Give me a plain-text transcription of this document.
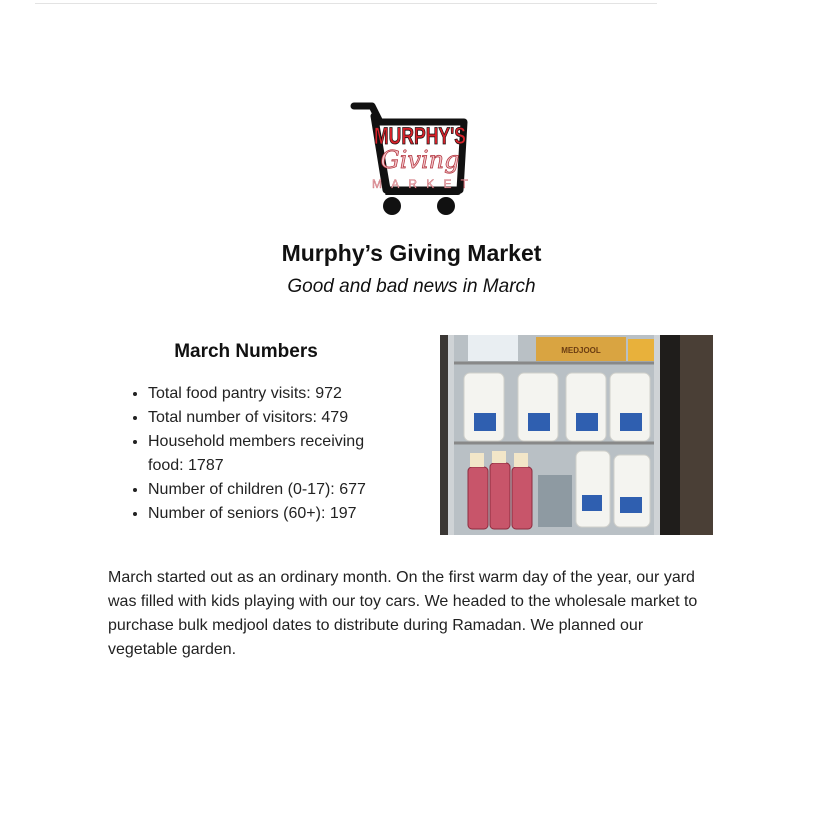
MURPHY'S
Giving
MARKET
Murphy’s Giving Market
Good and bad news in March
March Numbers
• Total food pantry visits: 972
• Total number of visitors: 479
• Household members receiving food: 1787
• Number of children (0-17): 677
• Number of seniors (60+): 197
MEDJOOL

March started out as an ordinary month. On the first warm day of the year, our yard was filled with kids playing with our toy cars. We headed to the wholesale market to purchase bulk medjool dates to distribute during Ramadan. We planned our vegetable garden.
